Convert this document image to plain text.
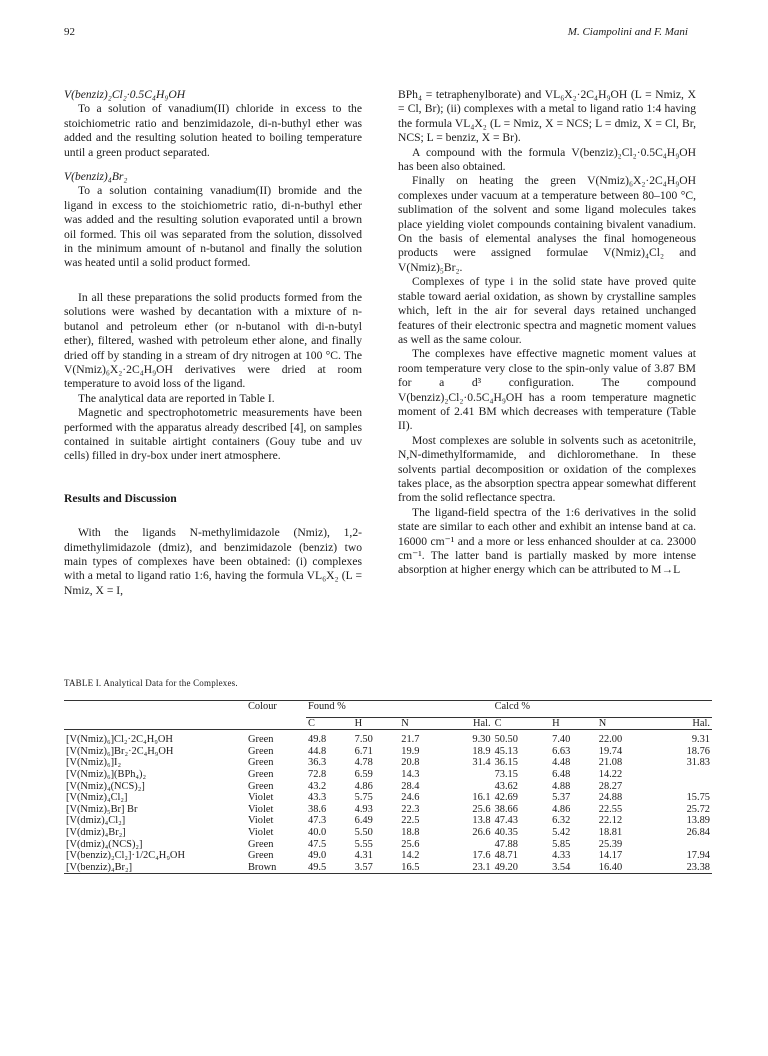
92	M. Ciampolini and F. Mani

V(benziz)₂Cl₂·0.5C₄H₉OH

To a solution of vanadium(II) chloride in excess to the stoichiometric ratio and benzimidazole, di-n-buthyl ether was added and the resulting solution heated to boiling temperature until a green product separated.

V(benziz)₄Br₂

To a solution containing vanadium(II) bromide and the ligand in excess to the stoichiometric ratio, di-n-buthyl ether was added and the resulting solution evaporated until a brown oil formed. This oil was separated from the solution, dissolved in the minimum amount of n-butanol and finally the solution was heated until a solid product formed.

In all these preparations the solid products formed from the solutions were washed by decantation with a mixture of n-butanol and petroleum ether (or n-butanol with di-n-butyl ether), filtered, washed with petroleum ether alone, and finally dried off by standing in a stream of dry nitrogen at 100 °C. The V(Nmiz)₆X₂·2C₄H₉OH derivatives were dried at room temperature to avoid loss of the ligand.

The analytical data are reported in Table I.

Magnetic and spectrophotometric measurements have been performed with the apparatus already described [4], on samples contained in suitable airtight containers (Gouy tube and uv cells) filled in dry-box under inert atmosphere.

Results and Discussion

With the ligands N-methylimidazole (Nmiz), 1,2-dimethylimidazole (dmiz), and benzimidazole (benziz) two main types of complexes have been obtained: (i) complexes with a metal to ligand ratio 1:6, having the formula VL₆X₂ (L = Nmiz, X = I,

BPh₄ = tetraphenylborate) and VL₆X₂·2C₄H₉OH (L = Nmiz, X = Cl, Br); (ii) complexes with a metal to ligand ratio 1:4 having the formula VL₄X₂ (L = Nmiz, X = NCS; L = dmiz, X = Cl, Br, NCS; L = benziz, X = Br).

A compound with the formula V(benziz)₂Cl₂·0.5C₄H₉OH has been also obtained.

Finally on heating the green V(Nmiz)₆X₂·2C₄H₉OH complexes under vacuum at a temperature between 80–100 °C, sublimation of the solvent and some ligand molecules takes place yielding violet compounds containing bivalent vanadium. On the basis of elemental analyses the final homogeneous products were assigned formulae V(Nmiz)₄Cl₂ and V(Nmiz)₅Br₂.

Complexes of type i in the solid state have proved quite stable toward aerial oxidation, as shown by crystalline samples which, left in the air for several days retained unchanged features of their electronic spectra and magnetic moment values as well as the same colour.

The complexes have effective magnetic moment values at room temperature very close to the spin-only value of 3.87 BM for a d³ configuration. The compound V(benziz)₂Cl₂·0.5C₄H₉OH has a room temperature magnetic moment of 2.41 BM which decreases with temperature (Table II).

Most complexes are soluble in solvents such as acetonitrile, N,N-dimethylformamide, and dichloromethane. In these solvents partial decomposition or oxidation of the complexes takes place, as the absorption spectra appear somewhat different from the solid reflectance spectra.

The ligand-field spectra of the 1:6 derivatives in the solid state are similar to each other and exhibit an intense band at ca. 16000 cm⁻¹ and a more or less enhanced shoulder at ca. 23000 cm⁻¹. The latter band is partially masked by more intense absorption at higher energy which can be attributed to M→L

TABLE I. Analytical Data for the Complexes.
	Colour	Found %				Calcd %			

		C	H	N	Hal.	C	H	N	Hal.
[V(Nmiz)₆]Cl₂·2C₄H₉OH	Green	49.8	7.50	21.7	9.30	50.50	7.40	22.00	9.31
[V(Nmiz)₆]Br₂·2C₄H₉OH	Green	44.8	6.71	19.9	18.9	45.13	6.63	19.74	18.76
[V(Nmiz)₆]I₂	Green	36.3	4.78	20.8	31.4	36.15	4.48	21.08	31.83
[V(Nmiz)₆](BPh₄)₂	Green	72.8	6.59	14.3		73.15	6.48	14.22	
[V(Nmiz)₄(NCS)₂]	Green	43.2	4.86	28.4		43.62	4.88	28.27	
[V(Nmiz)₄Cl₂]	Violet	43.3	5.75	24.6	16.1	42.69	5.37	24.88	15.75
[V(Nmiz)₅Br] Br	Violet	38.6	4.93	22.3	25.6	38.66	4.86	22.55	25.72
[V(dmiz)₄Cl₂]	Violet	47.3	6.49	22.5	13.8	47.43	6.32	22.12	13.89
[V(dmiz)₄Br₂]	Violet	40.0	5.50	18.8	26.6	40.35	5.42	18.81	26.84
[V(dmiz)₄(NCS)₂]	Green	47.5	5.55	25.6		47.88	5.85	25.39	
[V(benziz)₂Cl₂]·1/2C₄H₉OH	Green	49.0	4.31	14.2	17.6	48.71	4.33	14.17	17.94
[V(benziz)₄Br₂]	Brown	49.5	3.57	16.5	23.1	49.20	3.54	16.40	23.38
